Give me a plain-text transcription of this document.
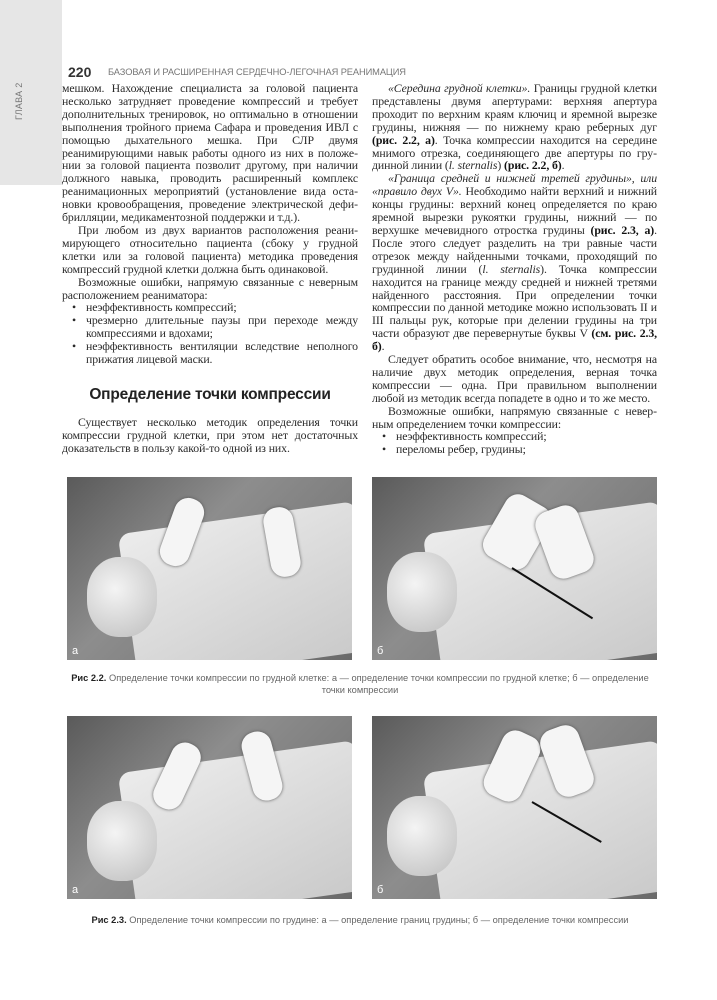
ГЛАВА 2
220 БАЗОВАЯ И РАСШИРЕННАЯ СЕРДЕЧНО-ЛЕГОЧНАЯ РЕАНИМАЦИЯ

мешком. Нахождение специалиста за головой пациента несколько затрудняет проведение компрессий и требует дополнительных тренировок, но оптимально в отношении выполнения тройного приема Сафара и проведения ИВЛ с помощью дыхательного мешка. При СЛР двумя реанимирующими навык работы одного из них в положении за головой пациента позволит другому, при наличии должного навыка, проводить расширенный комплекс реанимационных мероприятий (установление вида остановки кровообращения, проведение электрической дефибрилляции, медикаментозной поддержки и т.д.).

При любом из двух вариантов расположения реанимирующего относительно пациента (сбоку у грудной клетки или за головой пациента) методика проведения компрессий грудной клетки должна быть одинаковой.

Возможные ошибки, напрямую связанные с неверным расположением реаниматора:

• неэффективность компрессий;
• чрезмерно длительные паузы при переходе между компрессиями и вдохами;
• неэффективность вентиляции вследствие неполного прижатия лицевой маски.
Определение точки компрессии

Существует несколько методик определения точки компрессии грудной клетки, при этом нет достаточных доказательств в пользу какой-то одной из них.

«Середина грудной клетки». Границы грудной клетки представлены двумя апертурами: верхняя апертура проходит по верхним краям ключиц и яремной вырезке грудины, нижняя — по нижнему краю реберных дуг (рис. 2.2, а). Точка компрессии находится на середине мнимого отрезка, соединяющего две апертуры по грудинной линии (l. sternalis) (рис. 2.2, б).

«Граница средней и нижней третей грудины», или «правило двух V». Необходимо найти верхний и нижний концы грудины: верхний конец определяется по краю яремной вырезки рукоятки грудины, нижний — по верхушке мечевидного отростка грудины (рис. 2.3, а). После этого следует разделить на три равные части отрезок между найденными точками, проходящий по грудинной линии (l. sternalis). Точка компрессии находится на границе между средней и нижней третями найденного расстояния. При определении точки компрессии по данной методике можно использовать II и III пальцы рук, которые при делении грудины на три части образуют две перевернутые буквы V (см. рис. 2.3, б).

Следует обратить особое внимание, что, несмотря на наличие двух методик определения, верная точка компрессии — одна. При правильном выполнении любой из методик всегда попадете в одно и то же место.

Возможные ошибки, напрямую связанные с неверным определением точки компрессии:

• неэффективность компрессий;
• переломы ребер, грудины;
а	б
Рис 2.2. Определение точки компрессии по грудной клетке: а — определение точки компрессии по грудной клетке; б — определение точки компрессии
а	б
Рис 2.3. Определение точки компрессии по грудине: а — определение границ грудины; б — определение точки компрессии
